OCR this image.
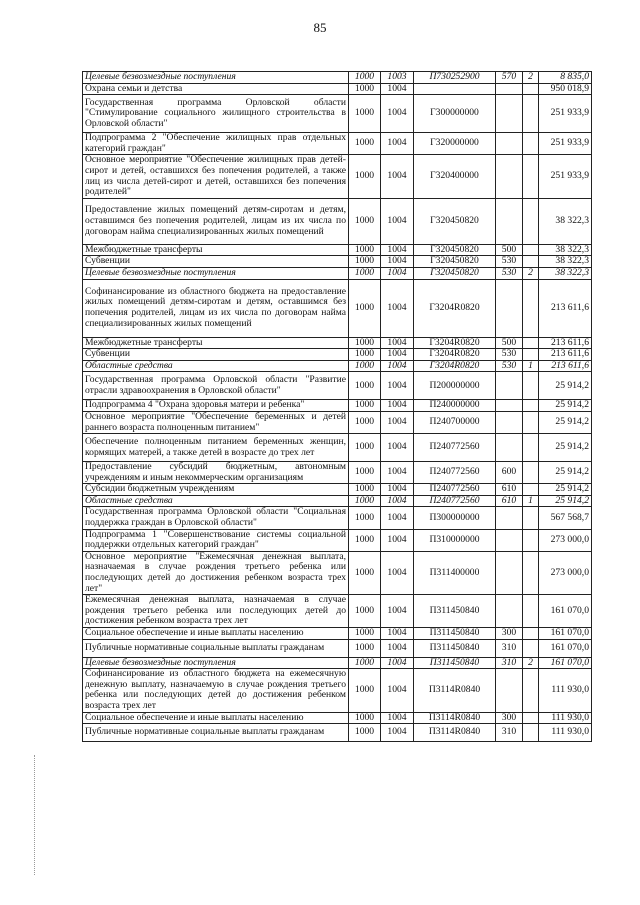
85
Целевые безвозмездные поступления	1000	1003	П730252900	570	2	8 835,0
Охрана семьи и детства	1000	1004				950 018,9
Государственная программа Орловской области "Стимулирование социального жилищного строительства в Орловской области"	1000	1004	Г300000000			251 933,9
Подпрограмма 2 "Обеспечение жилищных прав отдельных категорий граждан"	1000	1004	Г320000000			251 933,9
Основное мероприятие "Обеспечение жилищных прав детей-сирот и детей, оставшихся без попечения родителей, а также лиц из числа детей-сирот и детей, оставшихся без попечения родителей"	1000	1004	Г320400000			251 933,9
Предоставление жилых помещений детям-сиротам и детям, оставшимся без попечения родителей, лицам из их числа по договорам найма специализированных жилых помещений	1000	1004	Г320450820			38 322,3
Межбюджетные трансферты	1000	1004	Г320450820	500		38 322,3
Субвенции	1000	1004	Г320450820	530		38 322,3
Целевые безвозмездные поступления	1000	1004	Г320450820	530	2	38 322,3
Софинансирование из областного бюджета на предоставление жилых помещений детям-сиротам и детям, оставшимся без попечения родителей, лицам из их числа по договорам найма специализированных жилых помещений	1000	1004	Г3204R0820			213 611,6
Межбюджетные трансферты	1000	1004	Г3204R0820	500		213 611,6
Субвенции	1000	1004	Г3204R0820	530		213 611,6
Областные средства	1000	1004	Г3204R0820	530	1	213 611,6
Государственная программа Орловской области "Развитие отрасли здравоохранения в Орловской области"	1000	1004	П200000000			25 914,2
Подпрограмма 4 "Охрана здоровья матери и ребенка"	1000	1004	П240000000			25 914,2
Основное мероприятие "Обеспечение беременных и детей раннего возраста полноценным питанием"	1000	1004	П240700000			25 914,2
Обеспечение полноценным питанием беременных женщин, кормящих матерей, а также детей в возрасте до трех лет	1000	1004	П240772560			25 914,2
Предоставление субсидий бюджетным, автономным учреждениям и иным некоммерческим организациям	1000	1004	П240772560	600		25 914,2
Субсидии бюджетным учреждениям	1000	1004	П240772560	610		25 914,2
Областные средства	1000	1004	П240772560	610	1	25 914,2
Государственная программа Орловской области "Социальная поддержка граждан в Орловской области"	1000	1004	П300000000			567 568,7
Подпрограмма 1 "Совершенствование системы социальной поддержки отдельных категорий граждан"	1000	1004	П310000000			273 000,0
Основное мероприятие "Ежемесячная денежная выплата, назначаемая в случае рождения третьего ребенка или последующих детей до достижения ребенком возраста трех лет"	1000	1004	П311400000			273 000,0
Ежемесячная денежная выплата, назначаемая в случае рождения третьего ребенка или последующих детей до достижения ребенком возраста трех лет	1000	1004	П311450840			161 070,0
Социальное обеспечение и иные выплаты населению	1000	1004	П311450840	300		161 070,0
Публичные нормативные социальные выплаты гражданам	1000	1004	П311450840	310		161 070,0
Целевые безвозмездные поступления	1000	1004	П311450840	310	2	161 070,0
Софинансирование из областного бюджета на ежемесячную денежную выплату, назначаемую в случае рождения третьего ребенка или последующих детей до достижения ребенком возраста трех лет	1000	1004	П3114R0840			111 930,0
Социальное обеспечение и иные выплаты населению	1000	1004	П3114R0840	300		111 930,0
Публичные нормативные социальные выплаты гражданам	1000	1004	П3114R0840	310		111 930,0
